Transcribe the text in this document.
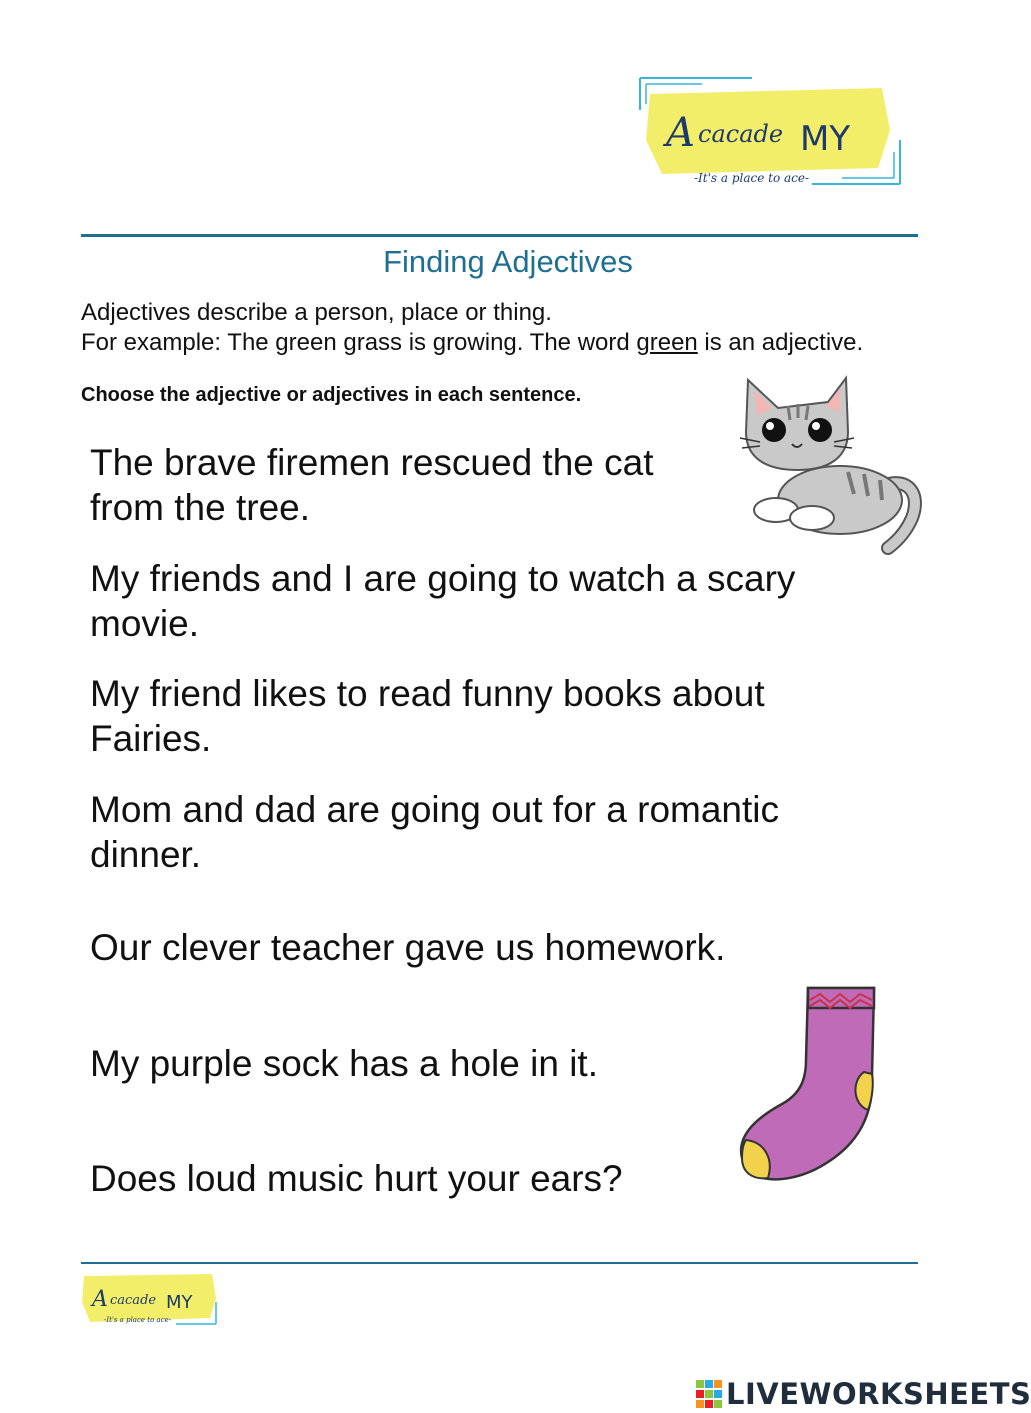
A cacade MY
-It's a place to ace-
Finding Adjectives
Adjectives describe a person, place or thing.
For example: The green grass is growing. The word green is an adjective.
Choose the adjective or adjectives in each sentence.
The brave firemen rescued the cat
from the tree.
My friends and I are going to watch a scary
movie.
My friend likes to read funny books about
Fairies.
Mom and dad are going out for a romantic
dinner.
Our clever teacher gave us homework.
My purple sock has a hole in it.
Does loud music hurt your ears?
A cacade MY
-It's a place to ace-
LIVEWORKSHEETS
